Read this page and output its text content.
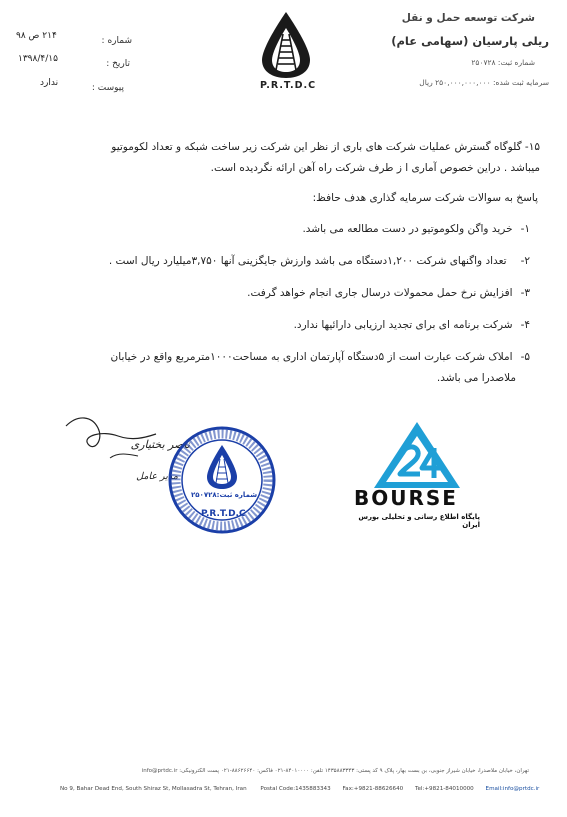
شماره :
۲۱۴ ص ۹۸
تاریخ :
۱۳۹۸/۴/۱۵
پیوست :
ندارد	P.R.T.D.C
شرکت توسعه حمل و نقل
ریلی پارسیان (سهامی عام)
شماره ثبت: ۲۵۰۷۲۸
سرمایه ثبت شده: ۲۵۰,۰۰۰,۰۰۰,۰۰۰ ریال
۱۵- گلوگاه گسترش عملیات شرکت های باری از نظر این شرکت زیر ساخت شبکه و تعداد لکوموتیو
میباشد . دراین خصوص آماری ا ز طرف شرکت راه آهن ارائه نگردیده است.
پاسخ به سوالات شرکت سرمایه گذاری هدف حافظ:
۱-خرید واگن ولکوموتیو در دست مطالعه می باشد.
۲-تعداد واگنهای شرکت ۱,۲۰۰دستگاه می باشد وارزش جایگزینی آنها ۳,۷۵۰میلیارد ریال است .
۳-افزایش نرخ حمل محمولات درسال جاری انجام خواهد گرفت.
۴-شرکت برنامه ای برای تجدید ارزیابی دارائیها ندارد.
۵-املاک شرکت عبارت است از ۵دستگاه آپارتمان اداری به مساحت۱۰۰۰مترمربع واقع در خیابان
ملاصدرا می باشد.
ناصر بختیاری
مدیر عامل
شماره ثبت:۲۵۰۷۲۸
P.R.T.D.C
BOURSE
پایگاه اطلاع رسانی و تحلیلی بورس ایران
تهران، خیابان ملاصدرا، خیابان شیراز جنوبی، بن بست بهار، پلاک ۹ کد پستی: ۱۴۳۵۸۸۳۳۴۳ تلفن: ۸۴۰۱۰۰۰۰-۰۲۱ فاکس: ۸۸۶۲۶۶۴۰-۰۲۱ پست الکترونیکی: info@prtdc.ir
No 9, Bahar Dead End, South Shiraz St, Mollasadra St, Tehran, Iran Postal Code:1435883343 Fax:+9821-88626640 Tel:+9821-84010000 Email:info@prtdc.ir
